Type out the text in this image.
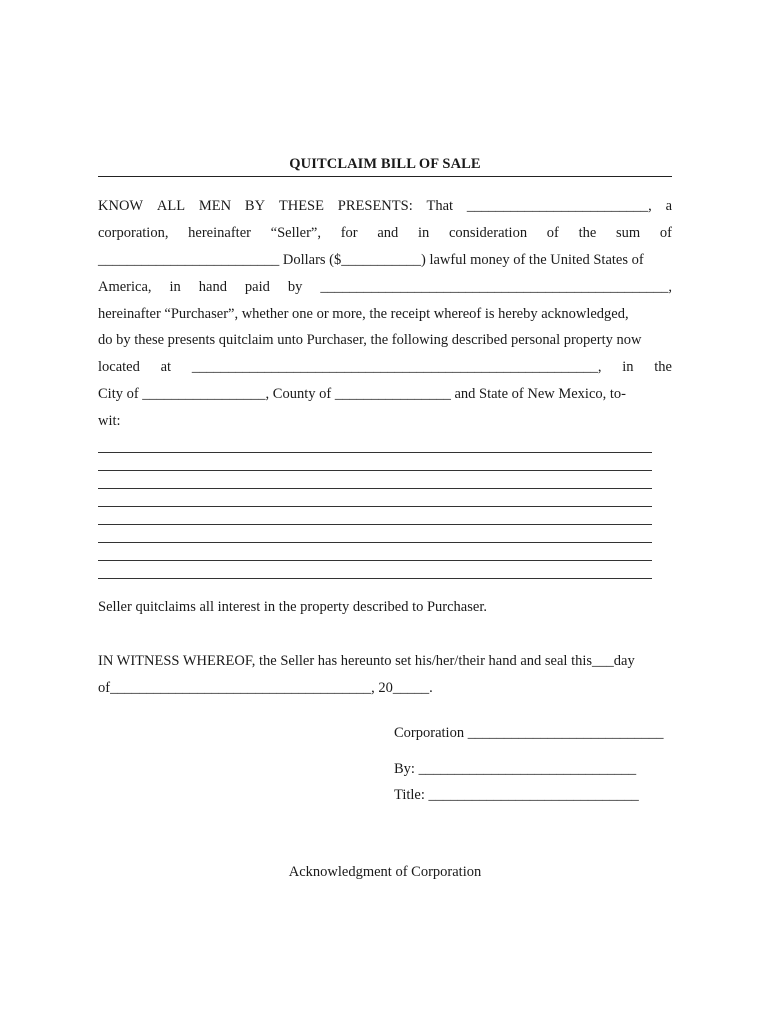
QUITCLAIM BILL OF SALE
KNOW ALL MEN BY THESE PRESENTS: That _________________________, a
corporation, hereinafter “Seller”, for and in consideration of the sum of
_________________________ Dollars ($___________) lawful money of the United States of
America, in hand paid by ________________________________________________,
hereinafter “Purchaser”, whether one or more, the receipt whereof is hereby acknowledged,
do by these presents quitclaim unto Purchaser, the following described personal property now
located at ________________________________________________________, in the
City of _________________, County of ________________ and State of New Mexico, to-
wit:
Seller quitclaims all interest in the property described to Purchaser.
IN WITNESS WHEREOF, the Seller has hereunto set his/her/their hand and seal this___day
of____________________________________, 20_____.
Corporation ___________________________
By: ______________________________
Title: _____________________________
Acknowledgment of Corporation
